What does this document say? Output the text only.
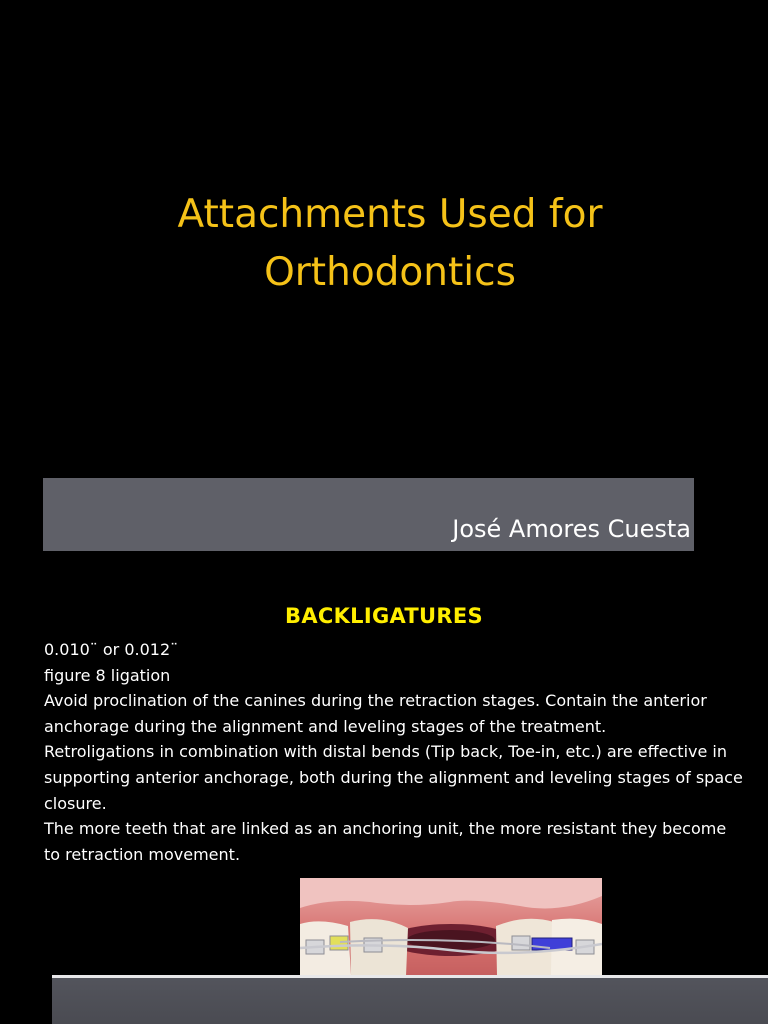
Attachments Used for
Orthodontics
José Amores Cuesta
BACKLIGATURES

0.010¨ or 0.012¨

figure 8 ligation

Avoid proclination of the canines during the retraction stages. Contain the anterior anchorage during the alignment and leveling stages of the treatment.

Retroligations in combination with distal bends (Tip back, Toe-in, etc.) are effective in supporting anterior anchorage, both during the alignment and leveling stages of space closure.

The more teeth that are linked as an anchoring unit, the more resistant they become to retraction movement.
